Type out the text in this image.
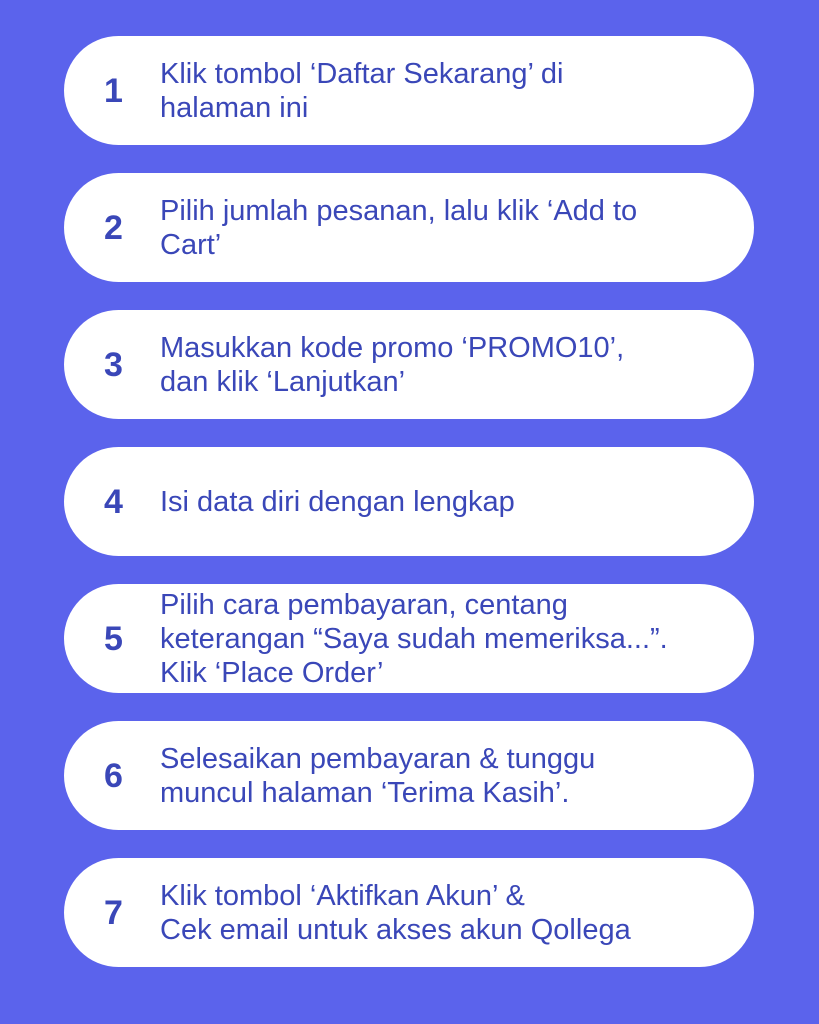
1 Klik tombol ‘Daftar Sekarang’ di
halaman ini
2 Pilih jumlah pesanan, lalu klik ‘Add to
Cart’
3 Masukkan kode promo ‘PROMO10’,
dan klik ‘Lanjutkan’
4 Isi data diri dengan lengkap
5
Pilih cara pembayaran, centang
keterangan “Saya sudah memeriksa...”.
Klik ‘Place Order’
6 Selesaikan pembayaran & tunggu
muncul halaman ‘Terima Kasih’.
7 Klik tombol ‘Aktifkan Akun’ &
Cek email untuk akses akun Qollega
